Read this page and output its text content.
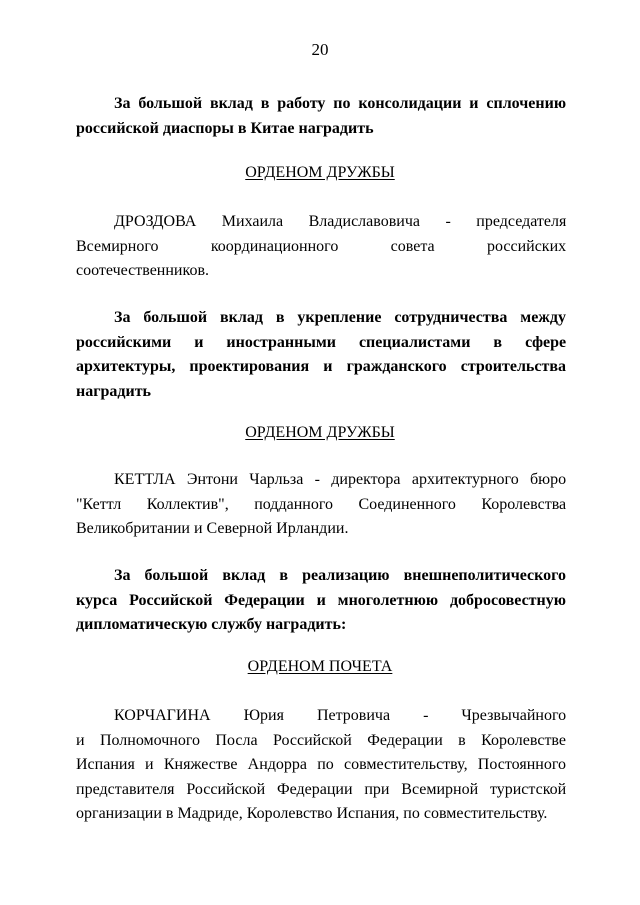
20
За большой вклад в работу по консолидации и сплочению
российской диаспоры в Китае наградить
ОРДЕНОМ ДРУЖБЫ
ДРОЗДОВА Михаила Владиславовича - председателя
Всемирного координационного совета российских
соотечественников.
За большой вклад в укрепление сотрудничества между
российскими и иностранными специалистами в сфере
архитектуры, проектирования и гражданского строительства
наградить
ОРДЕНОМ ДРУЖБЫ
КЕТТЛА Энтони Чарльза - директора архитектурного бюро
"Кеттл Коллектив", подданного Соединенного Королевства
Великобритании и Северной Ирландии.
За большой вклад в реализацию внешнеполитического
курса Российской Федерации и многолетнюю добросовестную
дипломатическую службу наградить:
ОРДЕНОМ ПОЧЕТА
КОРЧАГИНА Юрия Петровича - Чрезвычайного
и Полномочного Посла Российской Федерации в Королевстве
Испания и Княжестве Андорра по совместительству, Постоянного
представителя Российской Федерации при Всемирной туристской
организации в Мадриде, Королевство Испания, по совместительству.
